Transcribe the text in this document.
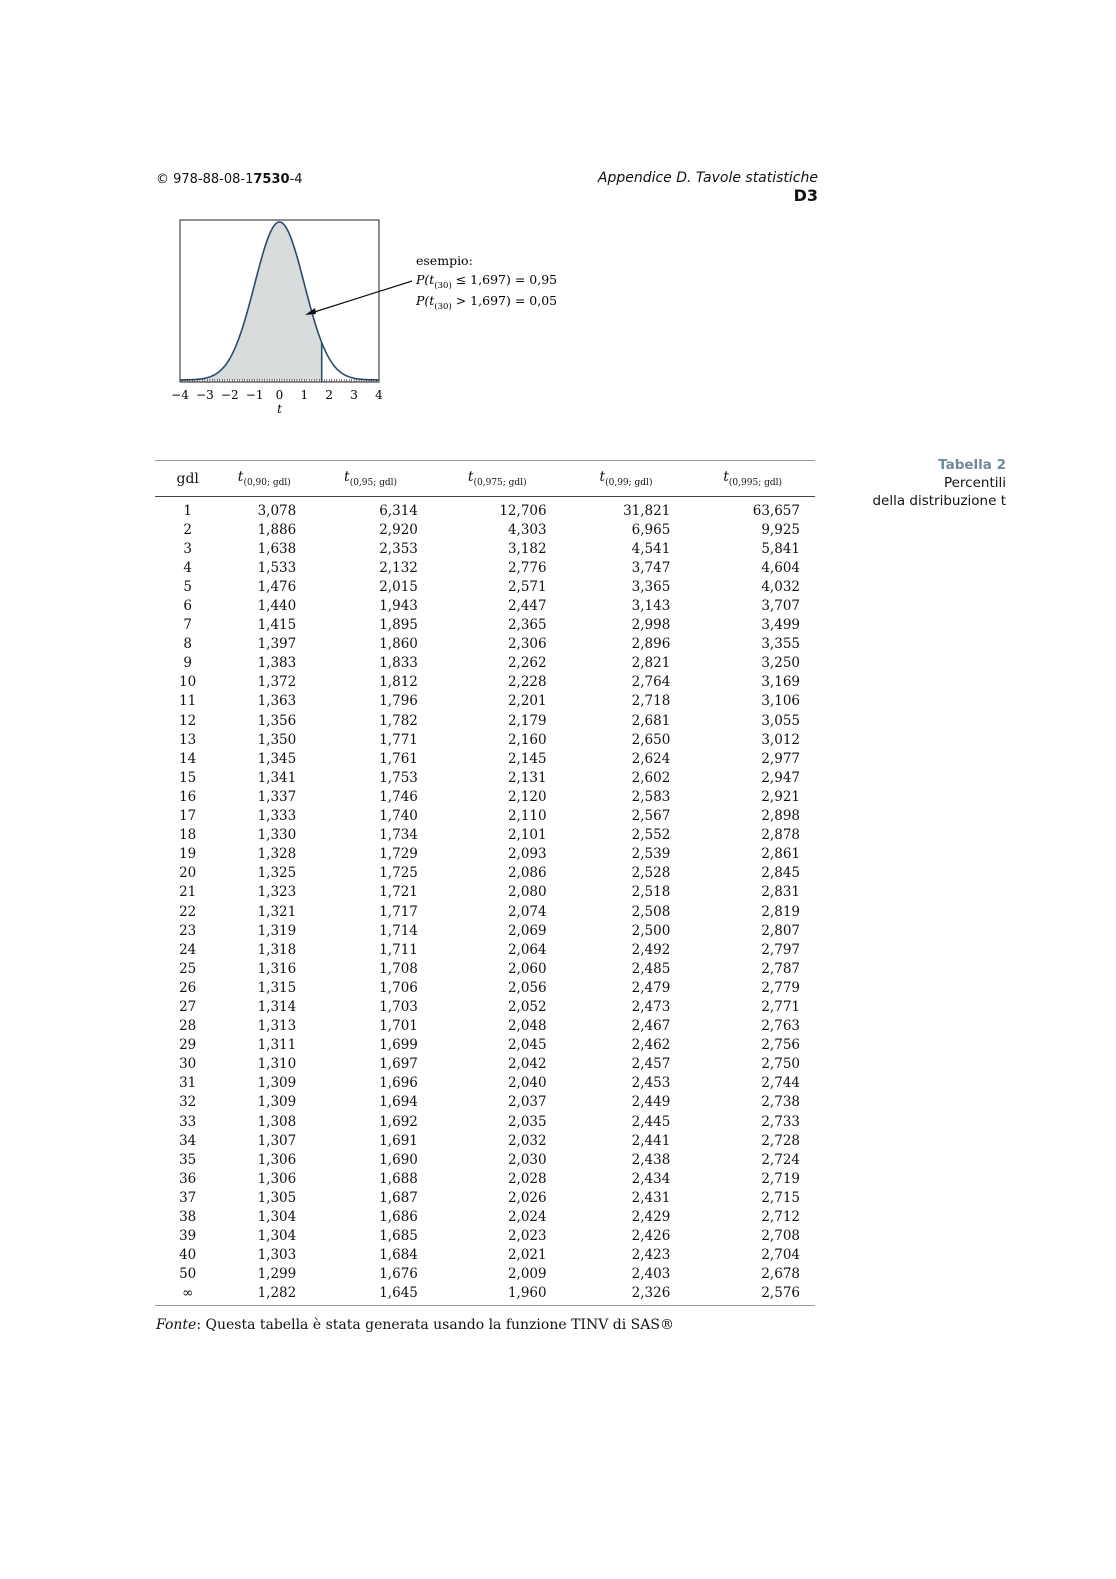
© 978-88-08-17530-4	Appendice D. Tavole statistiche D3
−4 −3 −2 −1 0 1 2 3 4
t
esempio:
$P(t_{(30)} \le 1,697) = 0,95$
$P(t_{(30)} > 1,697) = 0,05$
Tabella 2
Percentili
della distribuzione t
gdl	$t_{(0,90; gdl)}$	$t_{(0,95; gdl)}$	$t_{(0,975; gdl)}$	$t_{(0,99; gdl)}$	$t_{(0,995; gdl)}$
1	3,078	6,314	12,706	31,821	63,657
2	1,886	2,920	4,303	6,965	9,925
3	1,638	2,353	3,182	4,541	5,841
4	1,533	2,132	2,776	3,747	4,604
5	1,476	2,015	2,571	3,365	4,032
6	1,440	1,943	2,447	3,143	3,707
7	1,415	1,895	2,365	2,998	3,499
8	1,397	1,860	2,306	2,896	3,355
9	1,383	1,833	2,262	2,821	3,250
10	1,372	1,812	2,228	2,764	3,169
11	1,363	1,796	2,201	2,718	3,106
12	1,356	1,782	2,179	2,681	3,055
13	1,350	1,771	2,160	2,650	3,012
14	1,345	1,761	2,145	2,624	2,977
15	1,341	1,753	2,131	2,602	2,947
16	1,337	1,746	2,120	2,583	2,921
17	1,333	1,740	2,110	2,567	2,898
18	1,330	1,734	2,101	2,552	2,878
19	1,328	1,729	2,093	2,539	2,861
20	1,325	1,725	2,086	2,528	2,845
21	1,323	1,721	2,080	2,518	2,831
22	1,321	1,717	2,074	2,508	2,819
23	1,319	1,714	2,069	2,500	2,807
24	1,318	1,711	2,064	2,492	2,797
25	1,316	1,708	2,060	2,485	2,787
26	1,315	1,706	2,056	2,479	2,779
27	1,314	1,703	2,052	2,473	2,771
28	1,313	1,701	2,048	2,467	2,763
29	1,311	1,699	2,045	2,462	2,756
30	1,310	1,697	2,042	2,457	2,750
31	1,309	1,696	2,040	2,453	2,744
32	1,309	1,694	2,037	2,449	2,738
33	1,308	1,692	2,035	2,445	2,733
34	1,307	1,691	2,032	2,441	2,728
35	1,306	1,690	2,030	2,438	2,724
36	1,306	1,688	2,028	2,434	2,719
37	1,305	1,687	2,026	2,431	2,715
38	1,304	1,686	2,024	2,429	2,712
39	1,304	1,685	2,023	2,426	2,708
40	1,303	1,684	2,021	2,423	2,704
50	1,299	1,676	2,009	2,403	2,678
∞	1,282	1,645	1,960	2,326	2,576
Fonte: Questa tabella è stata generata usando la funzione TINV di SAS®
